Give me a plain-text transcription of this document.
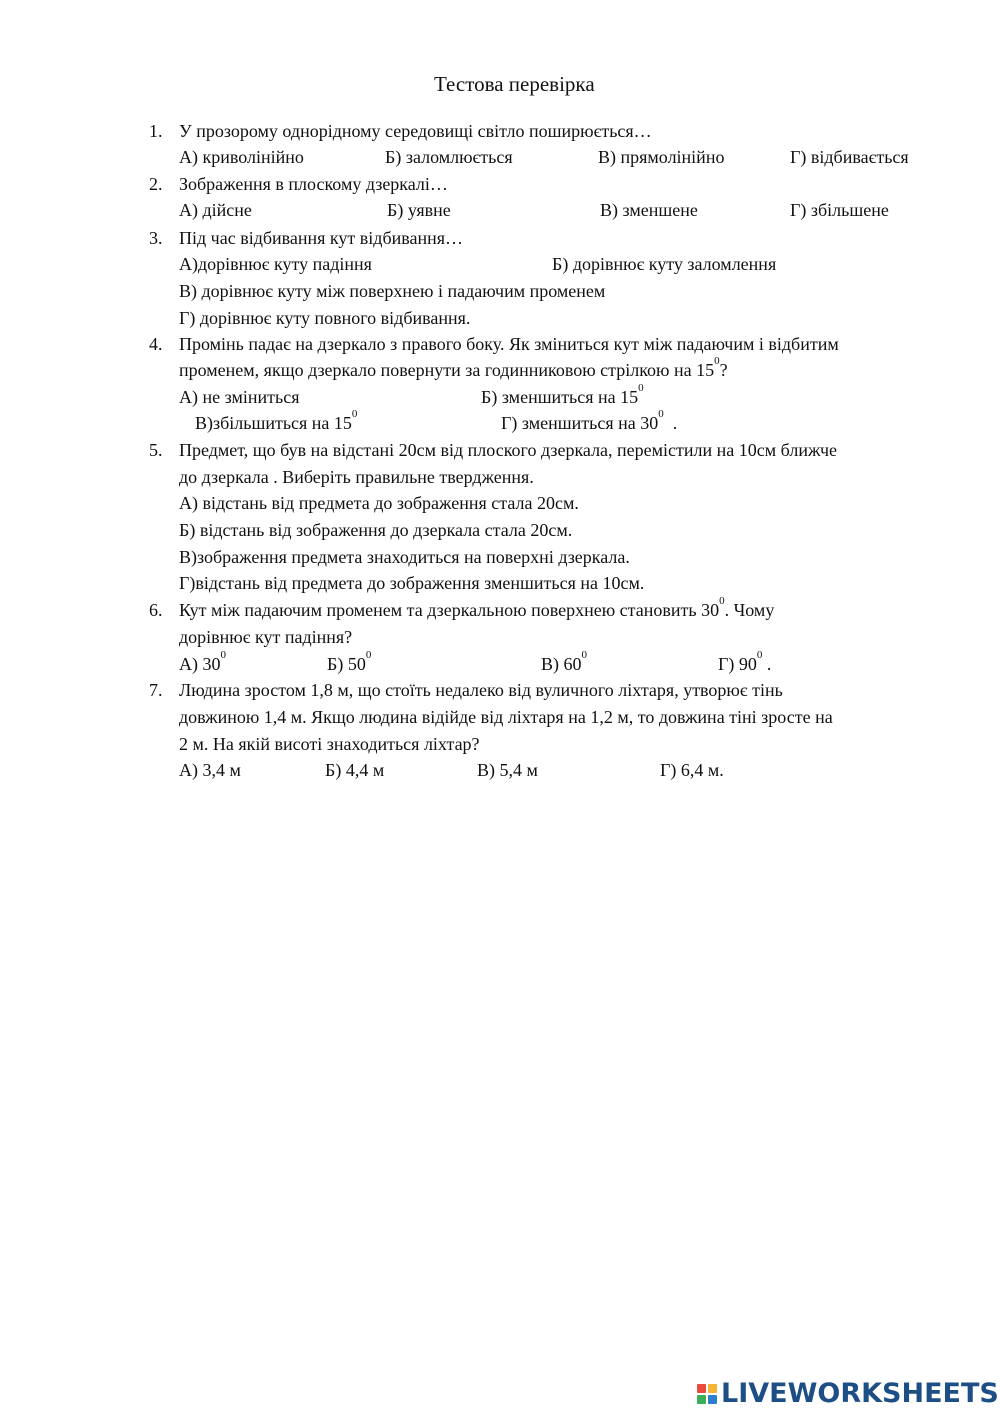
Тестова перевірка
1. У прозорому однорідному середовищі світло поширюється…
А) криволінійно	Б) заломлюється	В) прямолінійно	Г) відбивається
2. Зображення в плоскому дзеркалі…
А) дійсне	Б) уявне	В) зменшене	Г) збільшене
3. Під час відбивання кут відбивання…
А)дорівнює куту падіння	Б) дорівнює куту заломлення
В) дорівнює куту між поверхнею і падаючим променем
Г) дорівнює куту повного відбивання.
4. Промінь падає на дзеркало з правого боку. Як зміниться кут між падаючим і відбитим
променем, якщо дзеркало повернути за годинниковою стрілкою на $15^0$?
А) не зміниться	Б) зменшиться на $15^0$
В)збільшиться на $15^0$	Г) зменшиться на $30^0$ .
5. Предмет, що був на відстані 20см від плоского дзеркала, перемістили на 10см ближче
до дзеркала . Виберіть правильне твердження.
А) відстань від предмета до зображення стала 20см.
Б) відстань від зображення до дзеркала стала 20см.
В)зображення предмета знаходиться на поверхні дзеркала.
Г)відстань від предмета до зображення зменшиться на 10см.
6. Кут між падаючим променем та дзеркальною поверхнею становить $30^0$. Чому
дорівнює кут падіння?
А) $30^0$	Б) $50^0$	В) $60^0$	Г) $90^0$ .
7. Людина зростом 1,8 м, що стоїть недалеко від вуличного ліхтаря, утворює тінь
довжиною 1,4 м. Якщо людина відійде від ліхтаря на 1,2 м, то довжина тіні зросте на
2 м. На якій висоті знаходиться ліхтар?
А) 3,4 м	Б) 4,4 м	В) 5,4 м	Г) 6,4 м.
LIVEWORKSHEETS
